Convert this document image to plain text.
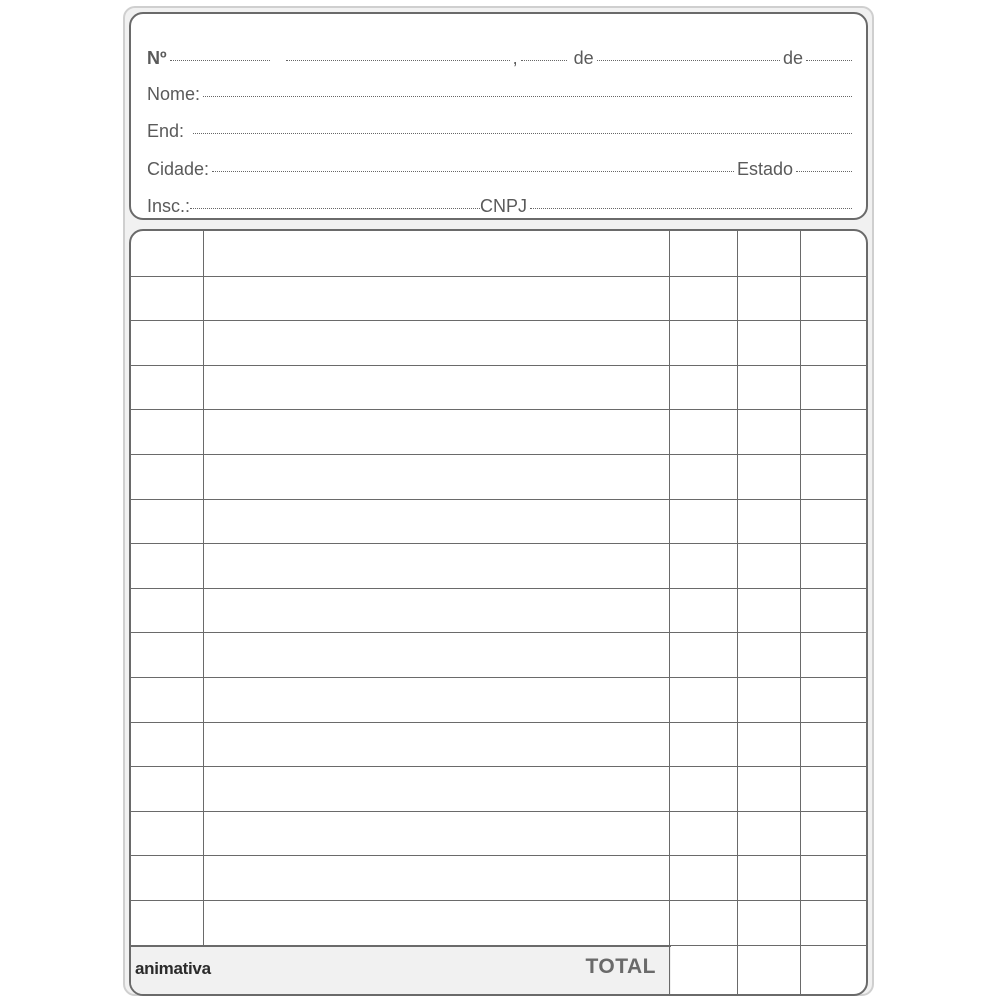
Nº	,	de	de
Nome:
End:
Cidade:	Estado
Insc.:	CNPJ
animativa	TOTAL
